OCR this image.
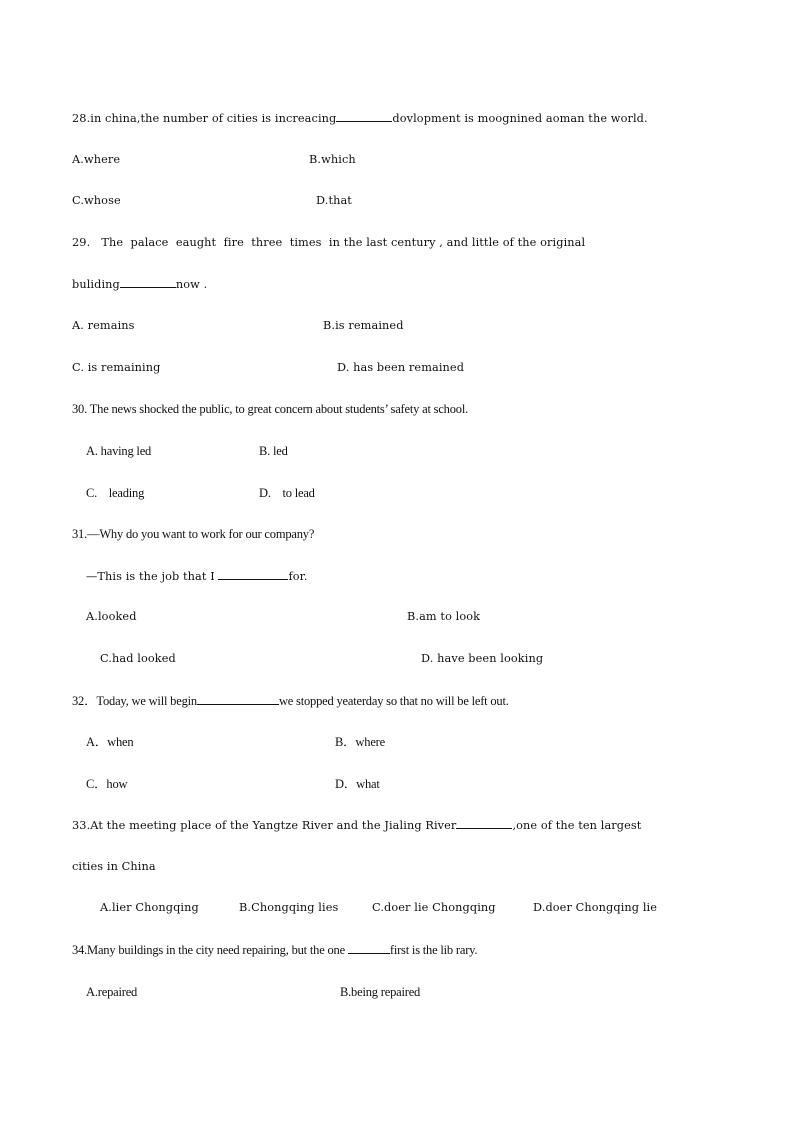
28.in china,the number of cities is increacing	dovlopment is moognined aoman the world.
A.where	B.which
C.whose	D.that
29. The  palace  eaught  fire  three  times  in the last century , and little of the original
buliding	now .
A. remains	B.is remained
C. is remaining	D. has been remained
30. The news shocked the public, to great concern about students’ safety at school.
A. having led	B. led
C.    leading	D.    to lead
31.—Why do you want to work for our company?
—This is the job that I	for.
A.looked	B.am to look
C.had looked	D. have been looking
32．Today, we will begin	we stopped yeaterday so that no will be left out.
A．when	B．where
C．how	D．what
33.At the meeting place of the Yangtze River and the Jialing River	,one of the ten largest
cities in China
A.lier Chongqing	B.Chongqing lies	C.doer lie Chongqing	D.doer Chongqing lie
34.Many buildings in the city need repairing, but the one	first is the lib rary.
A.repaired	B.being repaired
